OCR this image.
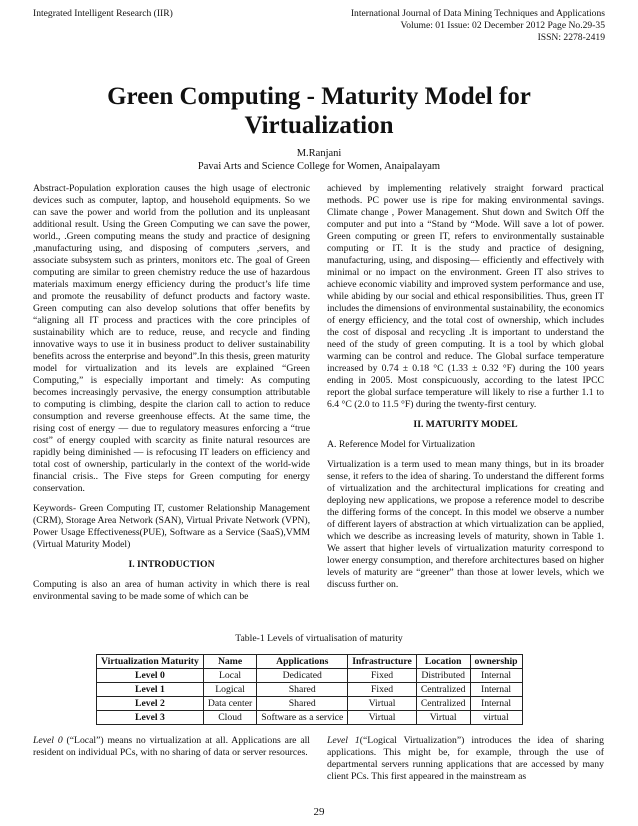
Integrated Intelligent Research (IIR)	International Journal of Data Mining Techniques and Applications
Volume: 01 Issue: 02 December 2012 Page No.29-35
ISSN: 2278-2419
Green Computing - Maturity Model for
Virtualization
M.Ranjani
Pavai Arts and Science College for Women, Anaipalayam

Abstract-Population exploration causes the high usage of electronic devices such as computer, laptop, and household equipments. So we can save the power and world from the pollution and its unpleasant additional result. Using the Green Computing we can save the power, world., .Green computing means the study and practice of designing ,manufacturing using, and disposing of computers ,servers, and associate subsystem such as printers, monitors etc. The goal of Green computing are similar to green chemistry reduce the use of hazardous materials maximum energy efficiency during the product’s life time and promote the reusability of defunct products and factory waste. Green computing can also develop solutions that offer benefits by “aligning all IT process and practices with the core principles of sustainability which are to reduce, reuse, and recycle and finding innovative ways to use it in business product to deliver sustainability benefits across the enterprise and beyond”.In this thesis, green maturity model for virtualization and its levels are explained “Green Computing,” is especially important and timely: As computing becomes increasingly pervasive, the energy consumption attributable to computing is climbing, despite the clarion call to action to reduce consumption and reverse greenhouse effects. At the same time, the rising cost of energy — due to regulatory measures enforcing a “true cost” of energy coupled with scarcity as finite natural resources are rapidly being diminished — is refocusing IT leaders on efficiency and total cost of ownership, particularly in the context of the world-wide financial crisis.. The Five steps for Green computing for energy conservation.

Keywords- Green Computing IT, customer Relationship Management (CRM), Storage Area Network (SAN), Virtual Private Network (VPN), Power Usage Effectiveness(PUE), Software as a Service (SaaS),VMM (Virtual Maturity Model)

I. INTRODUCTION

Computing is also an area of human activity in which there is real environmental saving to be made some of which can be

achieved by implementing relatively straight forward practical methods. PC power use is ripe for making environmental savings. Climate change , Power Management. Shut down and Switch Off the computer and put into a “Stand by “Mode. Will save a lot of power. Green computing or green IT, refers to environmentally sustainable computing or IT. It is the study and practice of designing, manufacturing, using, and disposing— efficiently and effectively with minimal or no impact on the environment. Green IT also strives to achieve economic viability and improved system performance and use, while abiding by our social and ethical responsibilities. Thus, green IT includes the dimensions of environmental sustainability, the economics of energy efficiency, and the total cost of ownership, which includes the cost of disposal and recycling .It is important to understand the need of the study of green computing. It is a tool by which global warming can be control and reduce. The Global surface temperature increased by 0.74 ± 0.18 °C (1.33 ± 0.32 °F) during the 100 years ending in 2005. Most conspicuously, according to the latest IPCC report the global surface temperature will likely to rise a further 1.1 to 6.4 °C (2.0 to 11.5 °F) during the twenty-first century.

II. MATURITY MODEL
A. Reference Model for Virtualization

Virtualization is a term used to mean many things, but in its broader sense, it refers to the idea of sharing. To understand the different forms of virtualization and the architectural implications for creating and deploying new applications, we propose a reference model to describe the differing forms of the concept. In this model we observe a number of different layers of abstraction at which virtualization can be applied, which we describe as increasing levels of maturity, shown in Table 1. We assert that higher levels of virtualization maturity correspond to lower energy consumption, and therefore architectures based on higher levels of maturity are “greener” than those at lower levels, which we discuss further on.

Table-1 Levels of virtualisation of maturity
Virtualization Maturity	Name	Applications	Infrastructure	Location	ownership
Level 0	Local	Dedicated	Fixed	Distributed	Internal
Level 1	Logical	Shared	Fixed	Centralized	Internal
Level 2	Data center	Shared	Virtual	Centralized	Internal
Level 3	Cloud	Software as a service	Virtual	Virtual	virtual

Level 0 (“Local”) means no virtualization at all. Applications are all resident on individual PCs, with no sharing of data or server resources.

Level 1(“Logical Virtualization”) introduces the idea of sharing applications. This might be, for example, through the use of departmental servers running applications that are accessed by many client PCs. This first appeared in the mainstream as

29
